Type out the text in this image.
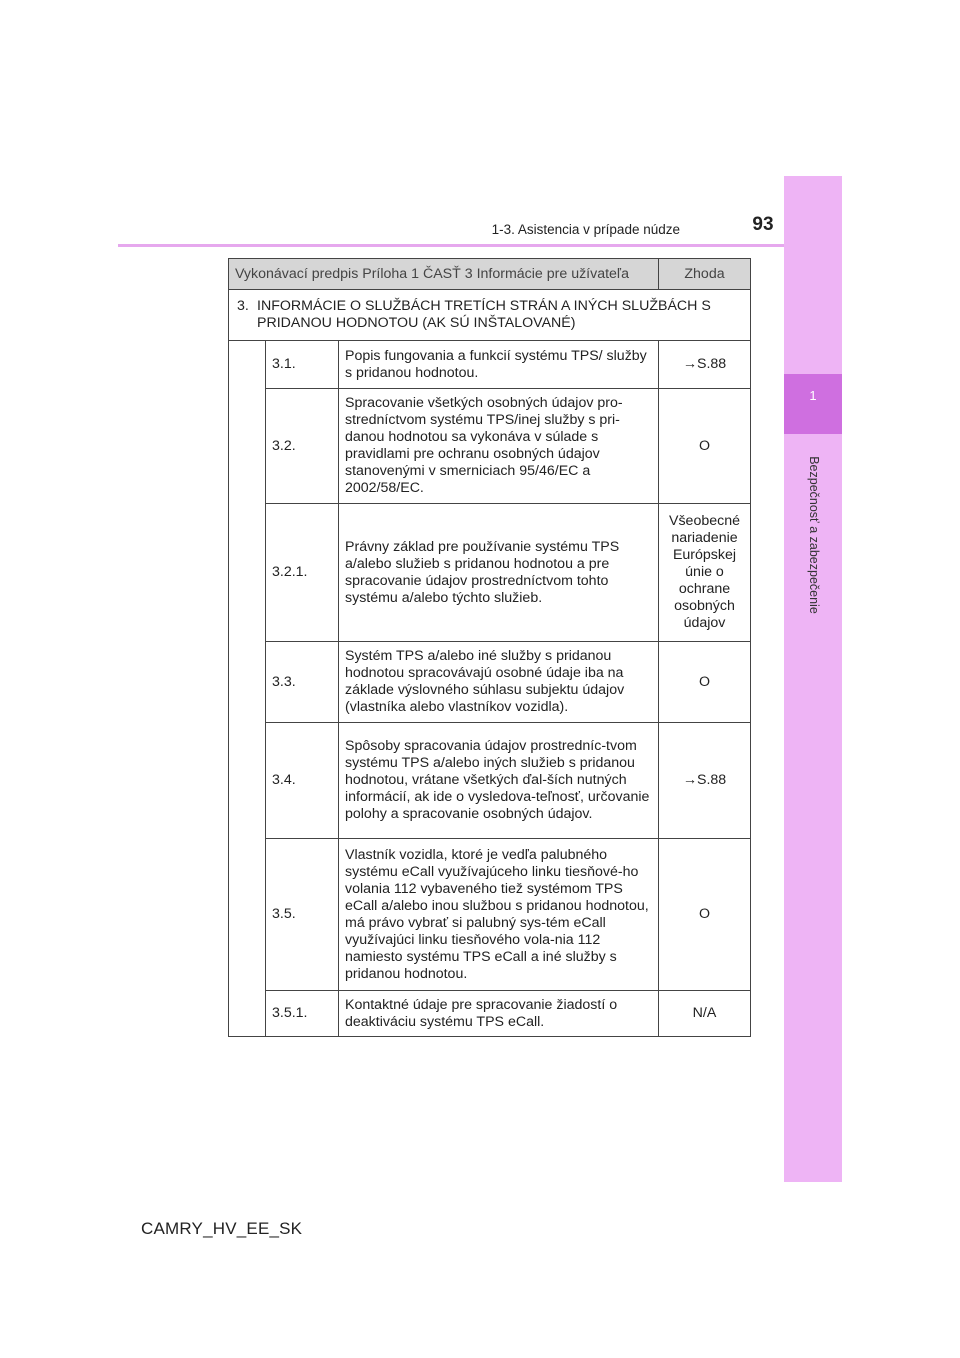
1
Bezpečnosť a zabezpečenie
1-3. Asistencia v prípade núdze	93
Vykonávací predpis Príloha 1 ČASŤ 3 Informácie pre užívateľa			Zhoda
3. INFORMÁCIE O SLUŽBÁCH TRETÍCH STRÁN A INÝCH SLUŽBÁCH S PRIDANOU HODNOTOU (AK SÚ INŠTALOVANÉ)			
	3.1.	Popis fungovania a funkcií systému TPS/ služby s pridanou hodnotou.	→S.88
	3.2.	Spracovanie všetkých osobných údajov pro-stredníctvom systému TPS/inej služby s pri-danou hodnotou sa vykonáva v súlade s pravidlami pre ochranu osobných údajov stanovenými v smerniciach 95/46/EC a 2002/58/EC.	O
	3.2.1.	Právny základ pre používanie systému TPS a/alebo služieb s pridanou hodnotou a pre spracovanie údajov prostredníctvom tohto systému a/alebo týchto služieb.	Všeobecné nariadenie Európskej únie o ochrane osobných údajov
	3.3.	Systém TPS a/alebo iné služby s pridanou hodnotou spracovávajú osobné údaje iba na základe výslovného súhlasu subjektu údajov (vlastníka alebo vlastníkov vozidla).	O
	3.4.	Spôsoby spracovania údajov prostredníc-tvom systému TPS a/alebo iných služieb s pridanou hodnotou, vrátane všetkých ďal-ších nutných informácií, ak ide o vysledova-teľnosť, určovanie polohy a spracovanie osobných údajov.	→S.88
	3.5.	Vlastník vozidla, ktoré je vedľa palubného systému eCall využívajúceho linku tiesňové-ho volania 112 vybaveného tiež systémom TPS eCall a/alebo inou službou s pridanou hodnotou, má právo vybrať si palubný sys-tém eCall využívajúci linku tiesňového vola-nia 112 namiesto systému TPS eCall a iné služby s pridanou hodnotou.	O
	3.5.1.	Kontaktné údaje pre spracovanie žiadostí o deaktiváciu systému TPS eCall.	N/A
CAMRY_HV_EE_SK
